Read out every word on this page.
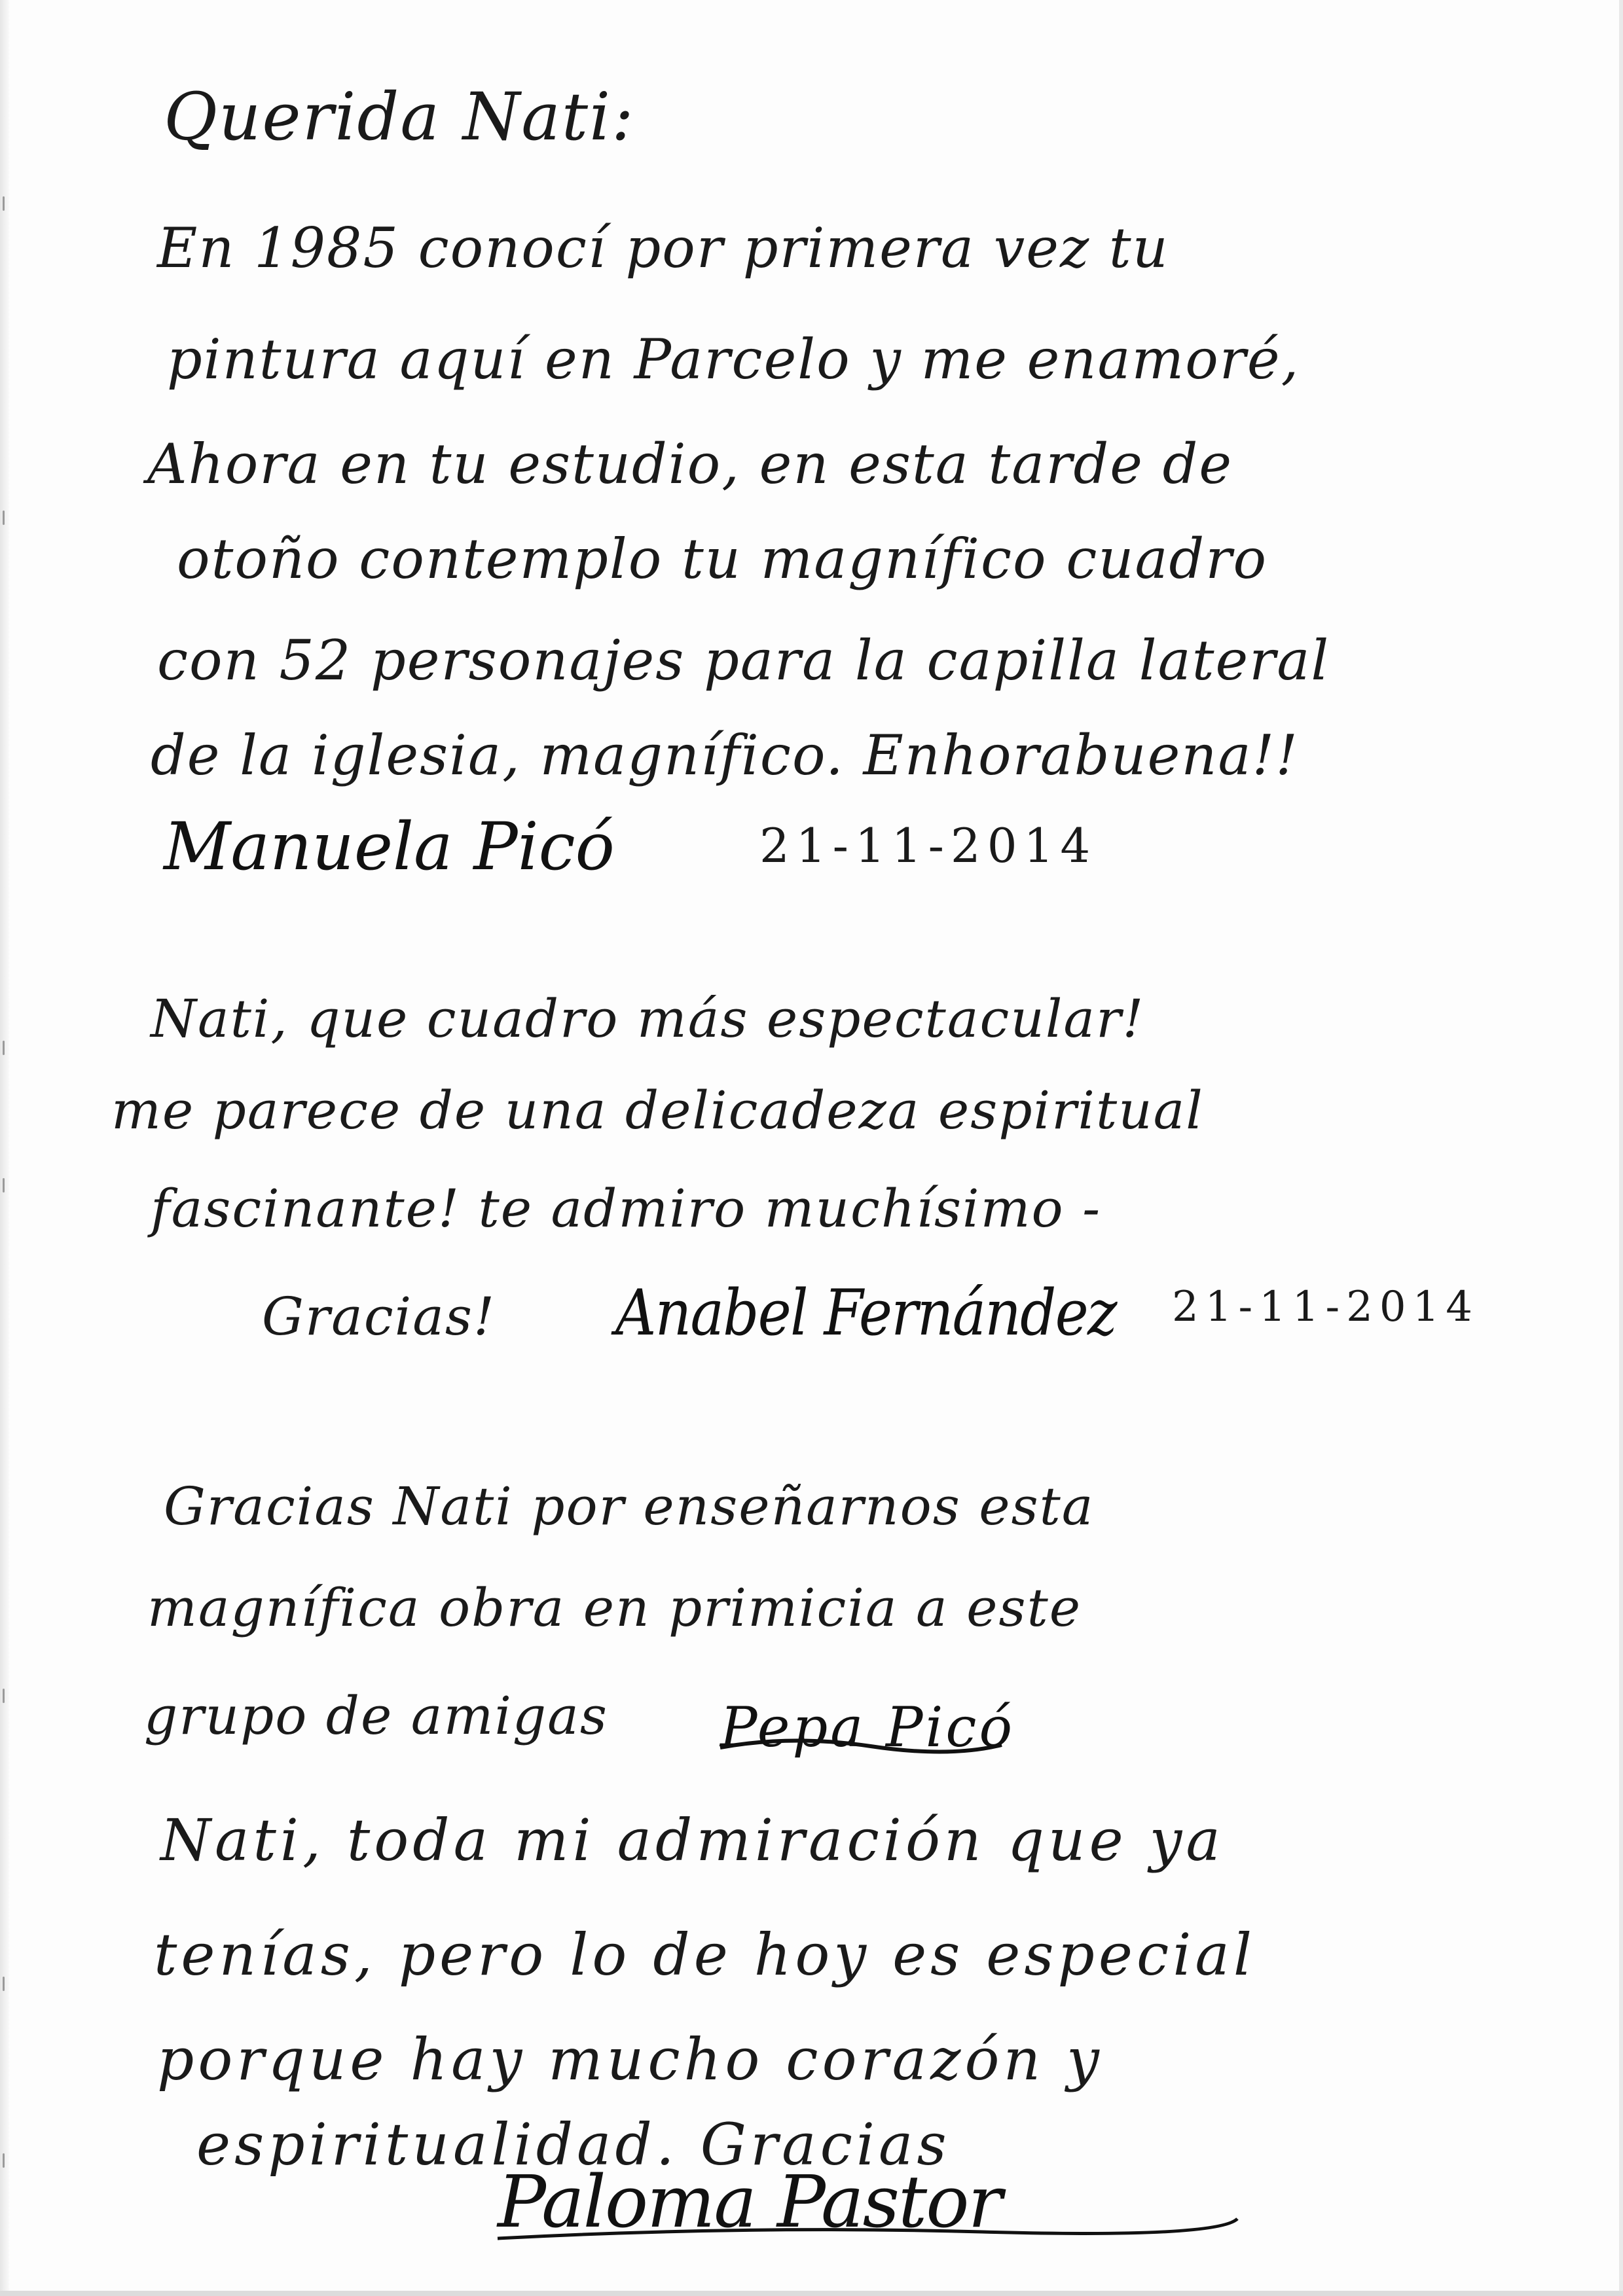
Querida Nati:
En 1985 conocí por primera vez tu
pintura aquí en Parcelo y me enamoré,
Ahora en tu estudio, en esta tarde de
otoño contemplo tu magnífico cuadro
con 52 personajes para la capilla lateral
de la iglesia, magnífico. Enhorabuena!!
Manuela Picó	21-11-2014
Nati, que cuadro más espectacular!
me parece de una delicadeza espiritual
fascinante! te admiro muchísimo -
Gracias! Anabel Fernández 21-11-2014
Gracias Nati por enseñarnos esta
magnífica obra en primicia a este
grupo de amigas Pepa Picó
Nati, toda mi admiración que ya
tenías, pero lo de hoy es especial
porque hay mucho corazón y
espiritualidad. Gracias
Paloma Pastor
